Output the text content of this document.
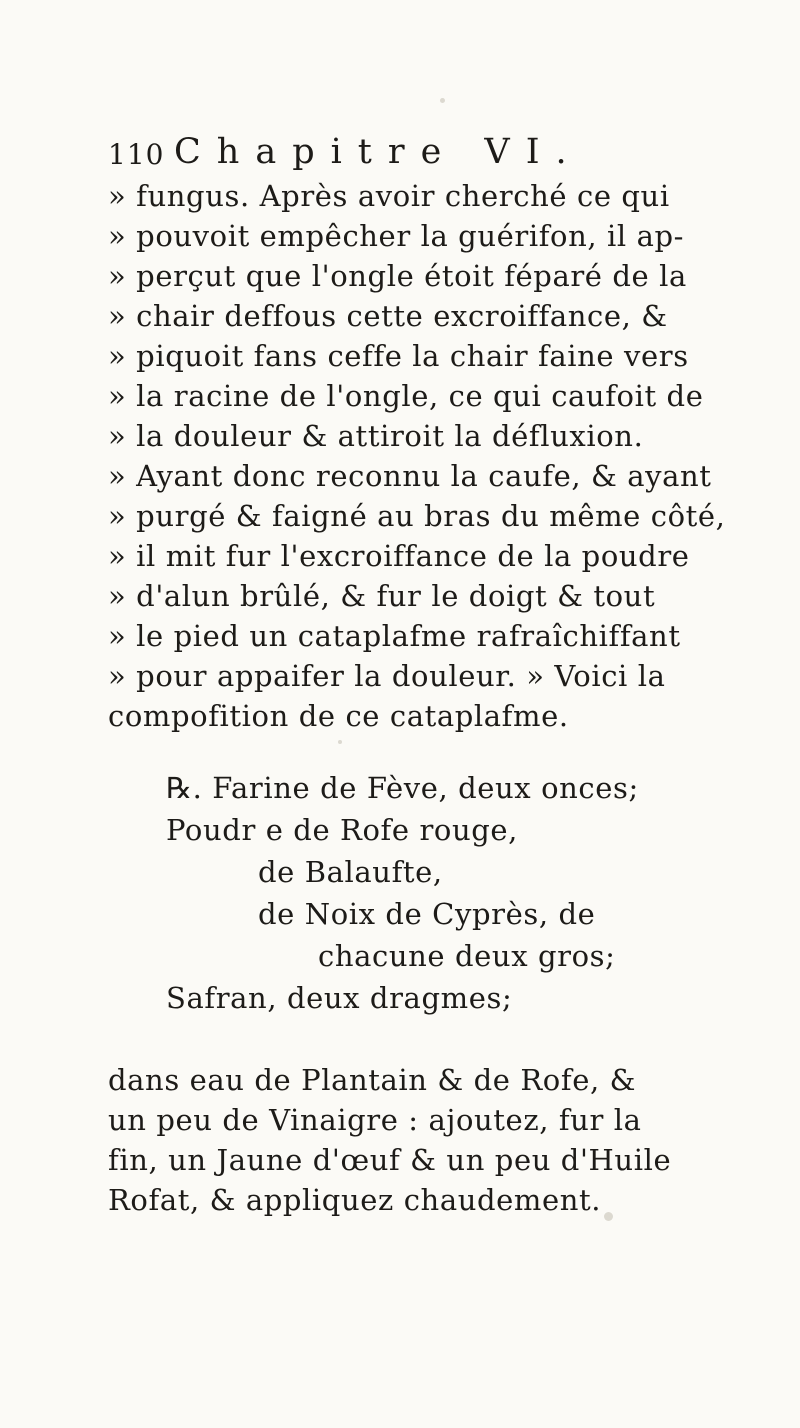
110 Chapitre VI.
» fungus. Après avoir cherché ce qui
» pouvoit empêcher la guérifon, il ap-
» perçut que l'ongle étoit féparé de la
» chair deffous cette excroiffance, &
» piquoit fans ceffe la chair faine vers
» la racine de l'ongle, ce qui caufoit de
» la douleur & attiroit la défluxion.
» Ayant donc reconnu la caufe, & ayant
» purgé & faigné au bras du même côté,
» il mit fur l'excroiffance de la poudre
» d'alun brûlé, & fur le doigt & tout
» le pied un cataplafme rafraîchiffant
» pour appaifer la douleur. » Voici la
compofition de ce cataplafme.
℞. Farine de Fève, deux onces;
Poudr e de Rofe rouge,
de Balaufte,
de Noix de Cyprès, de
chacune deux gros;
Safran, deux dragmes;
dans eau de Plantain & de Rofe, &
un peu de Vinaigre : ajoutez, fur la
fin, un Jaune d'œuf & un peu d'Huile
Rofat, & appliquez chaudement.
